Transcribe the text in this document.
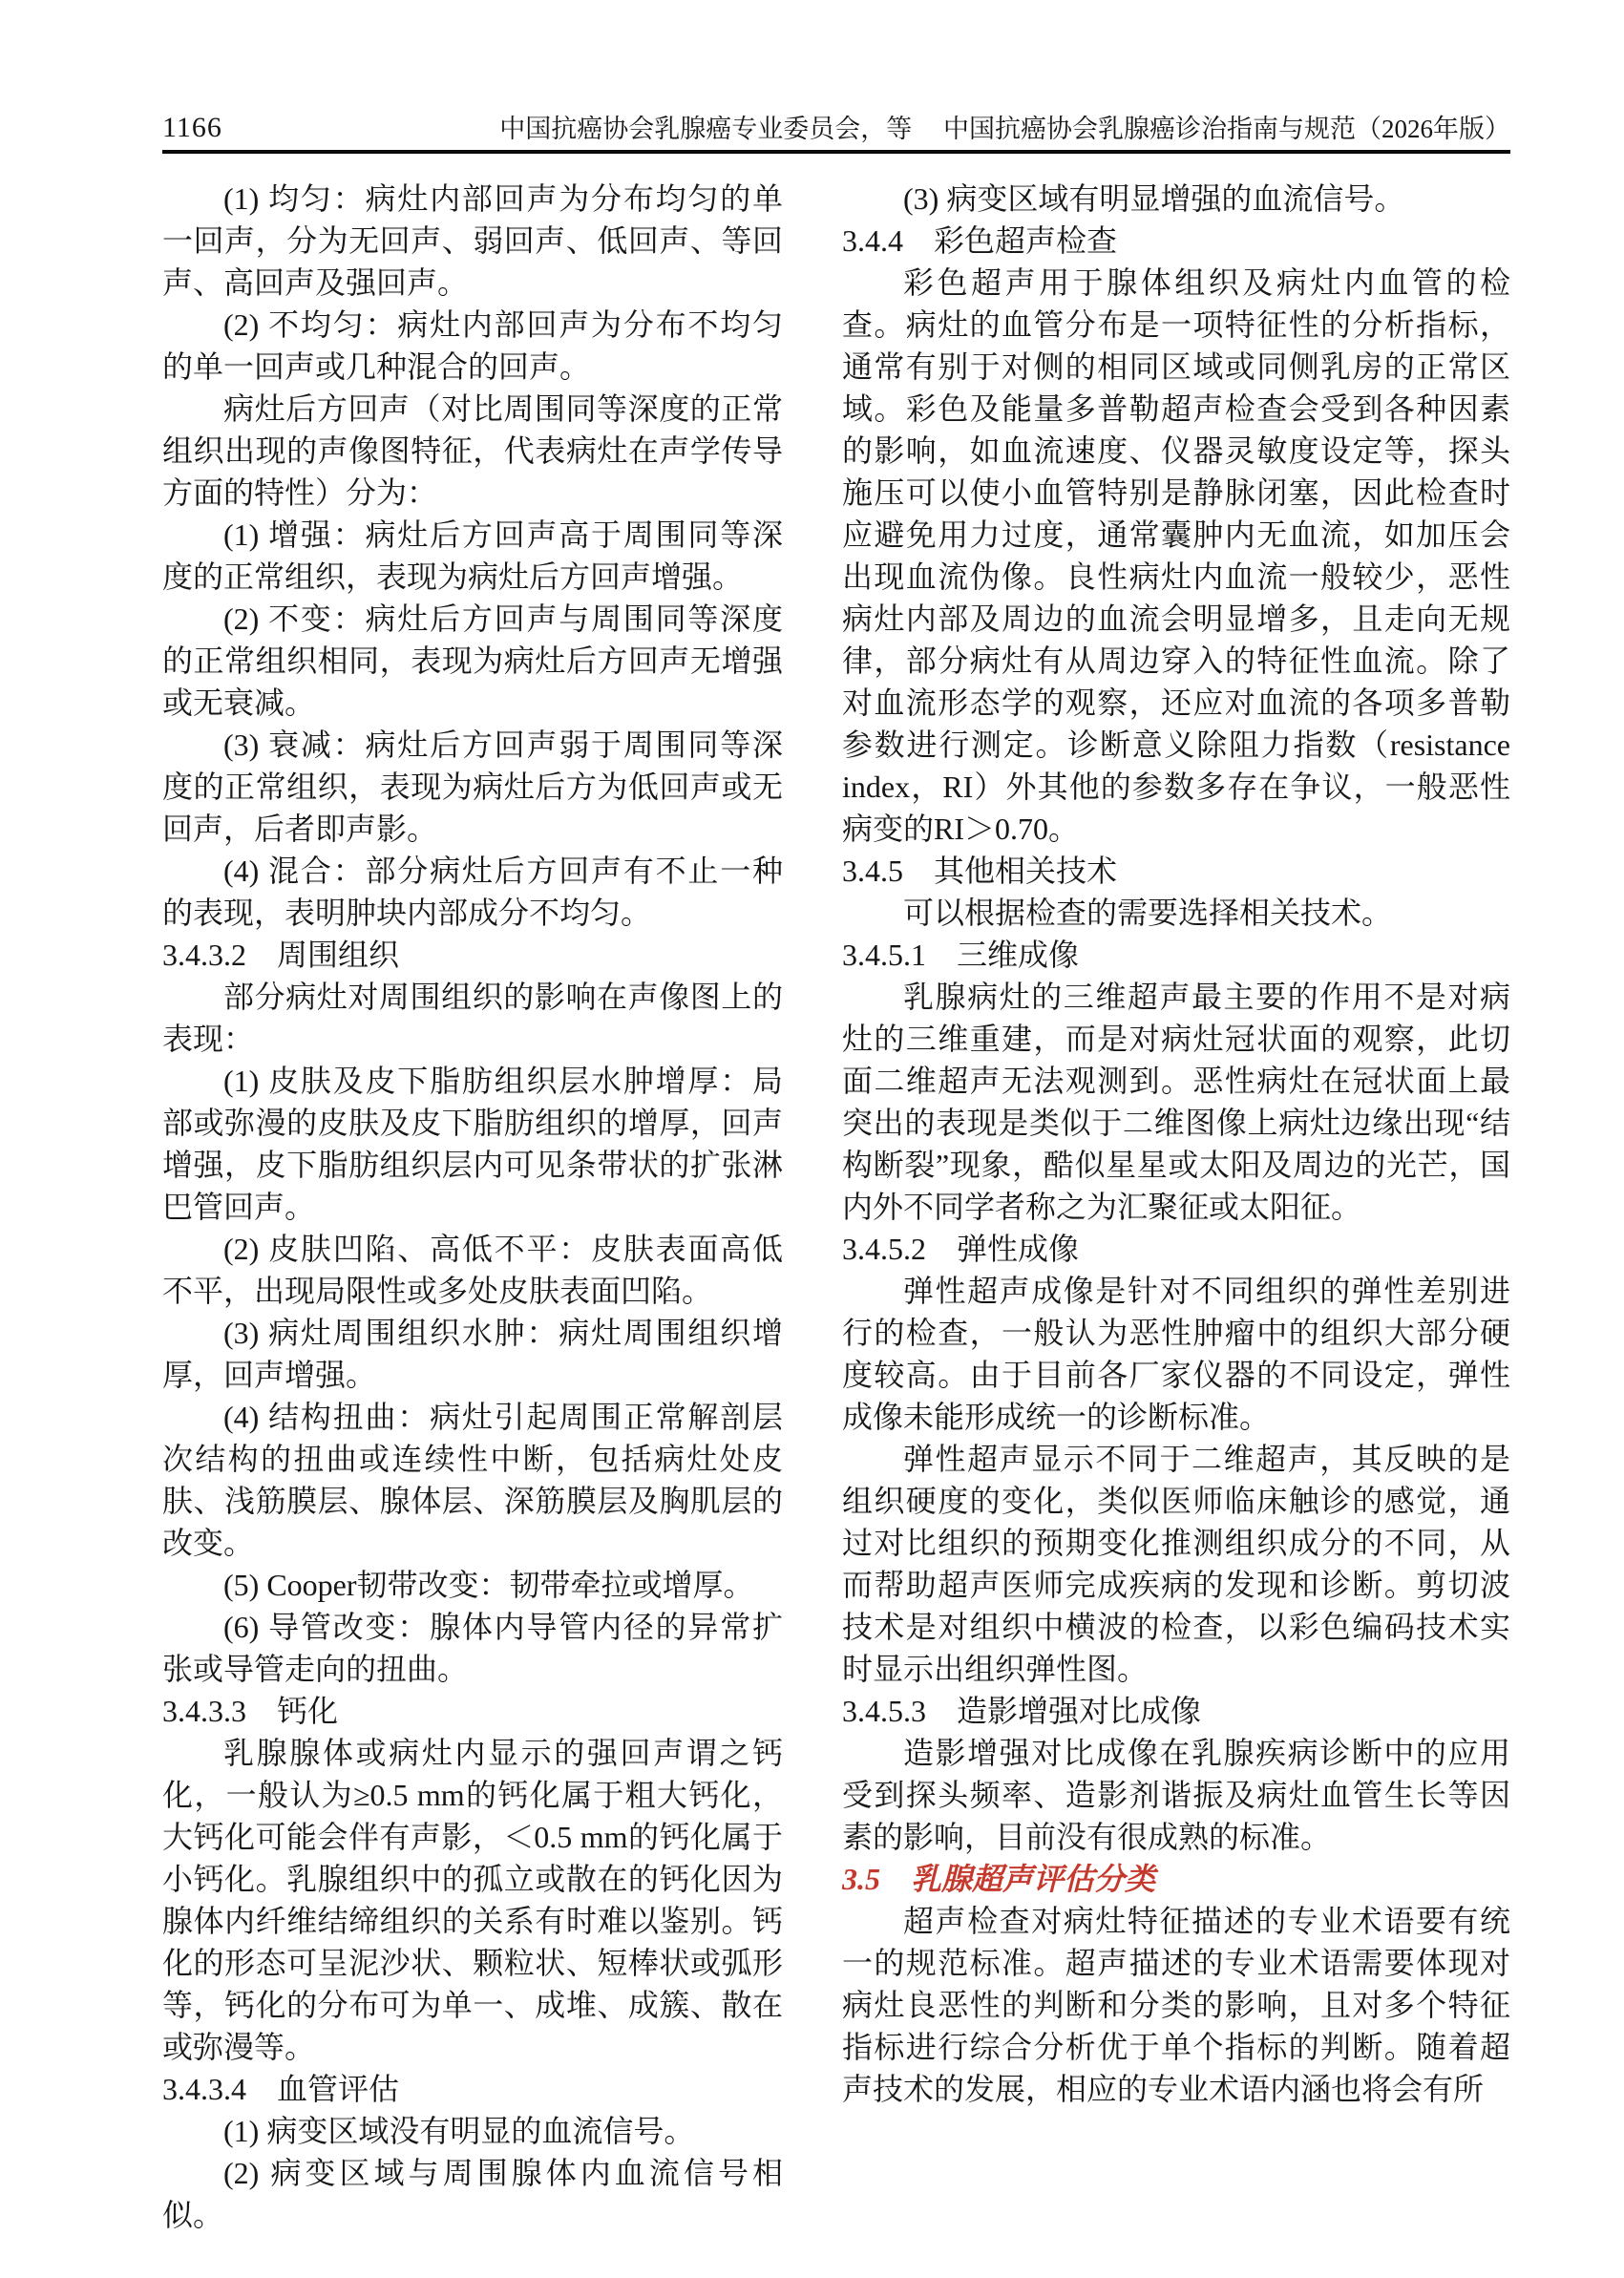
1166	中国抗癌协会乳腺癌专业委员会，等 中国抗癌协会乳腺癌诊治指南与规范（2026年版）

(1) 均匀：病灶内部回声为分布均匀的单一回声，分为无回声、弱回声、低回声、等回声、高回声及强回声。

(2) 不均匀：病灶内部回声为分布不均匀的单一回声或几种混合的回声。

病灶后方回声（对比周围同等深度的正常组织出现的声像图特征，代表病灶在声学传导方面的特性）分为：

(1) 增强：病灶后方回声高于周围同等深度的正常组织，表现为病灶后方回声增强。

(2) 不变：病灶后方回声与周围同等深度的正常组织相同，表现为病灶后方回声无增强或无衰减。

(3) 衰减：病灶后方回声弱于周围同等深度的正常组织，表现为病灶后方为低回声或无回声，后者即声影。

(4) 混合：部分病灶后方回声有不止一种的表现，表明肿块内部成分不均匀。

3.4.3.2　周围组织

部分病灶对周围组织的影响在声像图上的表现：

(1) 皮肤及皮下脂肪组织层水肿增厚：局部或弥漫的皮肤及皮下脂肪组织的增厚，回声增强，皮下脂肪组织层内可见条带状的扩张淋巴管回声。

(2) 皮肤凹陷、高低不平：皮肤表面高低不平，出现局限性或多处皮肤表面凹陷。

(3) 病灶周围组织水肿：病灶周围组织增厚，回声增强。

(4) 结构扭曲：病灶引起周围正常解剖层次结构的扭曲或连续性中断，包括病灶处皮肤、浅筋膜层、腺体层、深筋膜层及胸肌层的改变。

(5) Cooper韧带改变：韧带牵拉或增厚。

(6) 导管改变：腺体内导管内径的异常扩张或导管走向的扭曲。

3.4.3.3　钙化

乳腺腺体或病灶内显示的强回声谓之钙化，一般认为≥0.5 mm的钙化属于粗大钙化，大钙化可能会伴有声影，＜0.5 mm的钙化属于小钙化。乳腺组织中的孤立或散在的钙化因为腺体内纤维结缔组织的关系有时难以鉴别。钙化的形态可呈泥沙状、颗粒状、短棒状或弧形等，钙化的分布可为单一、成堆、成簇、散在或弥漫等。

3.4.3.4　血管评估

(1) 病变区域没有明显的血流信号。

(2) 病变区域与周围腺体内血流信号相似。

(3) 病变区域有明显增强的血流信号。

3.4.4　彩色超声检查

彩色超声用于腺体组织及病灶内血管的检查。病灶的血管分布是一项特征性的分析指标，通常有别于对侧的相同区域或同侧乳房的正常区域。彩色及能量多普勒超声检查会受到各种因素的影响，如血流速度、仪器灵敏度设定等，探头施压可以使小血管特别是静脉闭塞，因此检查时应避免用力过度，通常囊肿内无血流，如加压会出现血流伪像。良性病灶内血流一般较少，恶性病灶内部及周边的血流会明显增多，且走向无规律，部分病灶有从周边穿入的特征性血流。除了对血流形态学的观察，还应对血流的各项多普勒参数进行测定。诊断意义除阻力指数（resistance index，RI）外其他的参数多存在争议，一般恶性病变的RI＞0.70。

3.4.5　其他相关技术

可以根据检查的需要选择相关技术。

3.4.5.1　三维成像

乳腺病灶的三维超声最主要的作用不是对病灶的三维重建，而是对病灶冠状面的观察，此切面二维超声无法观测到。恶性病灶在冠状面上最突出的表现是类似于二维图像上病灶边缘出现“结构断裂”现象，酷似星星或太阳及周边的光芒，国内外不同学者称之为汇聚征或太阳征。

3.4.5.2　弹性成像

弹性超声成像是针对不同组织的弹性差别进行的检查，一般认为恶性肿瘤中的组织大部分硬度较高。由于目前各厂家仪器的不同设定，弹性成像未能形成统一的诊断标准。

弹性超声显示不同于二维超声，其反映的是组织硬度的变化，类似医师临床触诊的感觉，通过对比组织的预期变化推测组织成分的不同，从而帮助超声医师完成疾病的发现和诊断。剪切波技术是对组织中横波的检查，以彩色编码技术实时显示出组织弹性图。

3.4.5.3　造影增强对比成像

造影增强对比成像在乳腺疾病诊断中的应用受到探头频率、造影剂谐振及病灶血管生长等因素的影响，目前没有很成熟的标准。

3.5　乳腺超声评估分类

超声检查对病灶特征描述的专业术语要有统一的规范标准。超声描述的专业术语需要体现对病灶良恶性的判断和分类的影响，且对多个特征指标进行综合分析优于单个指标的判断。随着超声技术的发展，相应的专业术语内涵也将会有所
